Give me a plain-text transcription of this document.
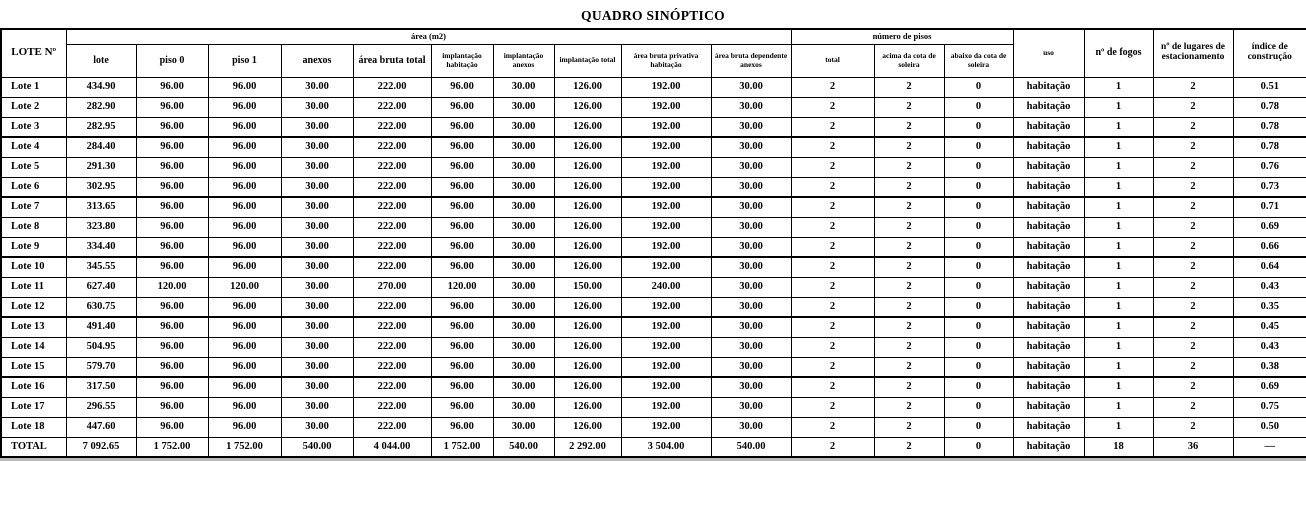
QUADRO SINÓPTICO
LOTE Nº	área (m2)										número de pisos			uso	nº de fogos	nº de lugares de estacionamento	índice de construção
	lote	piso 0	piso 1	anexos	área bruta total	implantação habitação	implantação anexos	implantação total	área bruta privativa habitação	área bruta dependente anexos	total	acima da cota de soleira	abaixo da cota de soleira				
Lote 1	434.90	96.00	96.00	30.00	222.00	96.00	30.00	126.00	192.00	30.00	2	2	0	habitação	1	2	0.51
Lote 2	282.90	96.00	96.00	30.00	222.00	96.00	30.00	126.00	192.00	30.00	2	2	0	habitação	1	2	0.78
Lote 3	282.95	96.00	96.00	30.00	222.00	96.00	30.00	126.00	192.00	30.00	2	2	0	habitação	1	2	0.78
Lote 4	284.40	96.00	96.00	30.00	222.00	96.00	30.00	126.00	192.00	30.00	2	2	0	habitação	1	2	0.78
Lote 5	291.30	96.00	96.00	30.00	222.00	96.00	30.00	126.00	192.00	30.00	2	2	0	habitação	1	2	0.76
Lote 6	302.95	96.00	96.00	30.00	222.00	96.00	30.00	126.00	192.00	30.00	2	2	0	habitação	1	2	0.73
Lote 7	313.65	96.00	96.00	30.00	222.00	96.00	30.00	126.00	192.00	30.00	2	2	0	habitação	1	2	0.71
Lote 8	323.80	96.00	96.00	30.00	222.00	96.00	30.00	126.00	192.00	30.00	2	2	0	habitação	1	2	0.69
Lote 9	334.40	96.00	96.00	30.00	222.00	96.00	30.00	126.00	192.00	30.00	2	2	0	habitação	1	2	0.66
Lote 10	345.55	96.00	96.00	30.00	222.00	96.00	30.00	126.00	192.00	30.00	2	2	0	habitação	1	2	0.64
Lote 11	627.40	120.00	120.00	30.00	270.00	120.00	30.00	150.00	240.00	30.00	2	2	0	habitação	1	2	0.43
Lote 12	630.75	96.00	96.00	30.00	222.00	96.00	30.00	126.00	192.00	30.00	2	2	0	habitação	1	2	0.35
Lote 13	491.40	96.00	96.00	30.00	222.00	96.00	30.00	126.00	192.00	30.00	2	2	0	habitação	1	2	0.45
Lote 14	504.95	96.00	96.00	30.00	222.00	96.00	30.00	126.00	192.00	30.00	2	2	0	habitação	1	2	0.43
Lote 15	579.70	96.00	96.00	30.00	222.00	96.00	30.00	126.00	192.00	30.00	2	2	0	habitação	1	2	0.38
Lote 16	317.50	96.00	96.00	30.00	222.00	96.00	30.00	126.00	192.00	30.00	2	2	0	habitação	1	2	0.69
Lote 17	296.55	96.00	96.00	30.00	222.00	96.00	30.00	126.00	192.00	30.00	2	2	0	habitação	1	2	0.75
Lote 18	447.60	96.00	96.00	30.00	222.00	96.00	30.00	126.00	192.00	30.00	2	2	0	habitação	1	2	0.50
TOTAL	7 092.65	1 752.00	1 752.00	540.00	4 044.00	1 752.00	540.00	2 292.00	3 504.00	540.00	2	2	0	habitação	18	36	—
